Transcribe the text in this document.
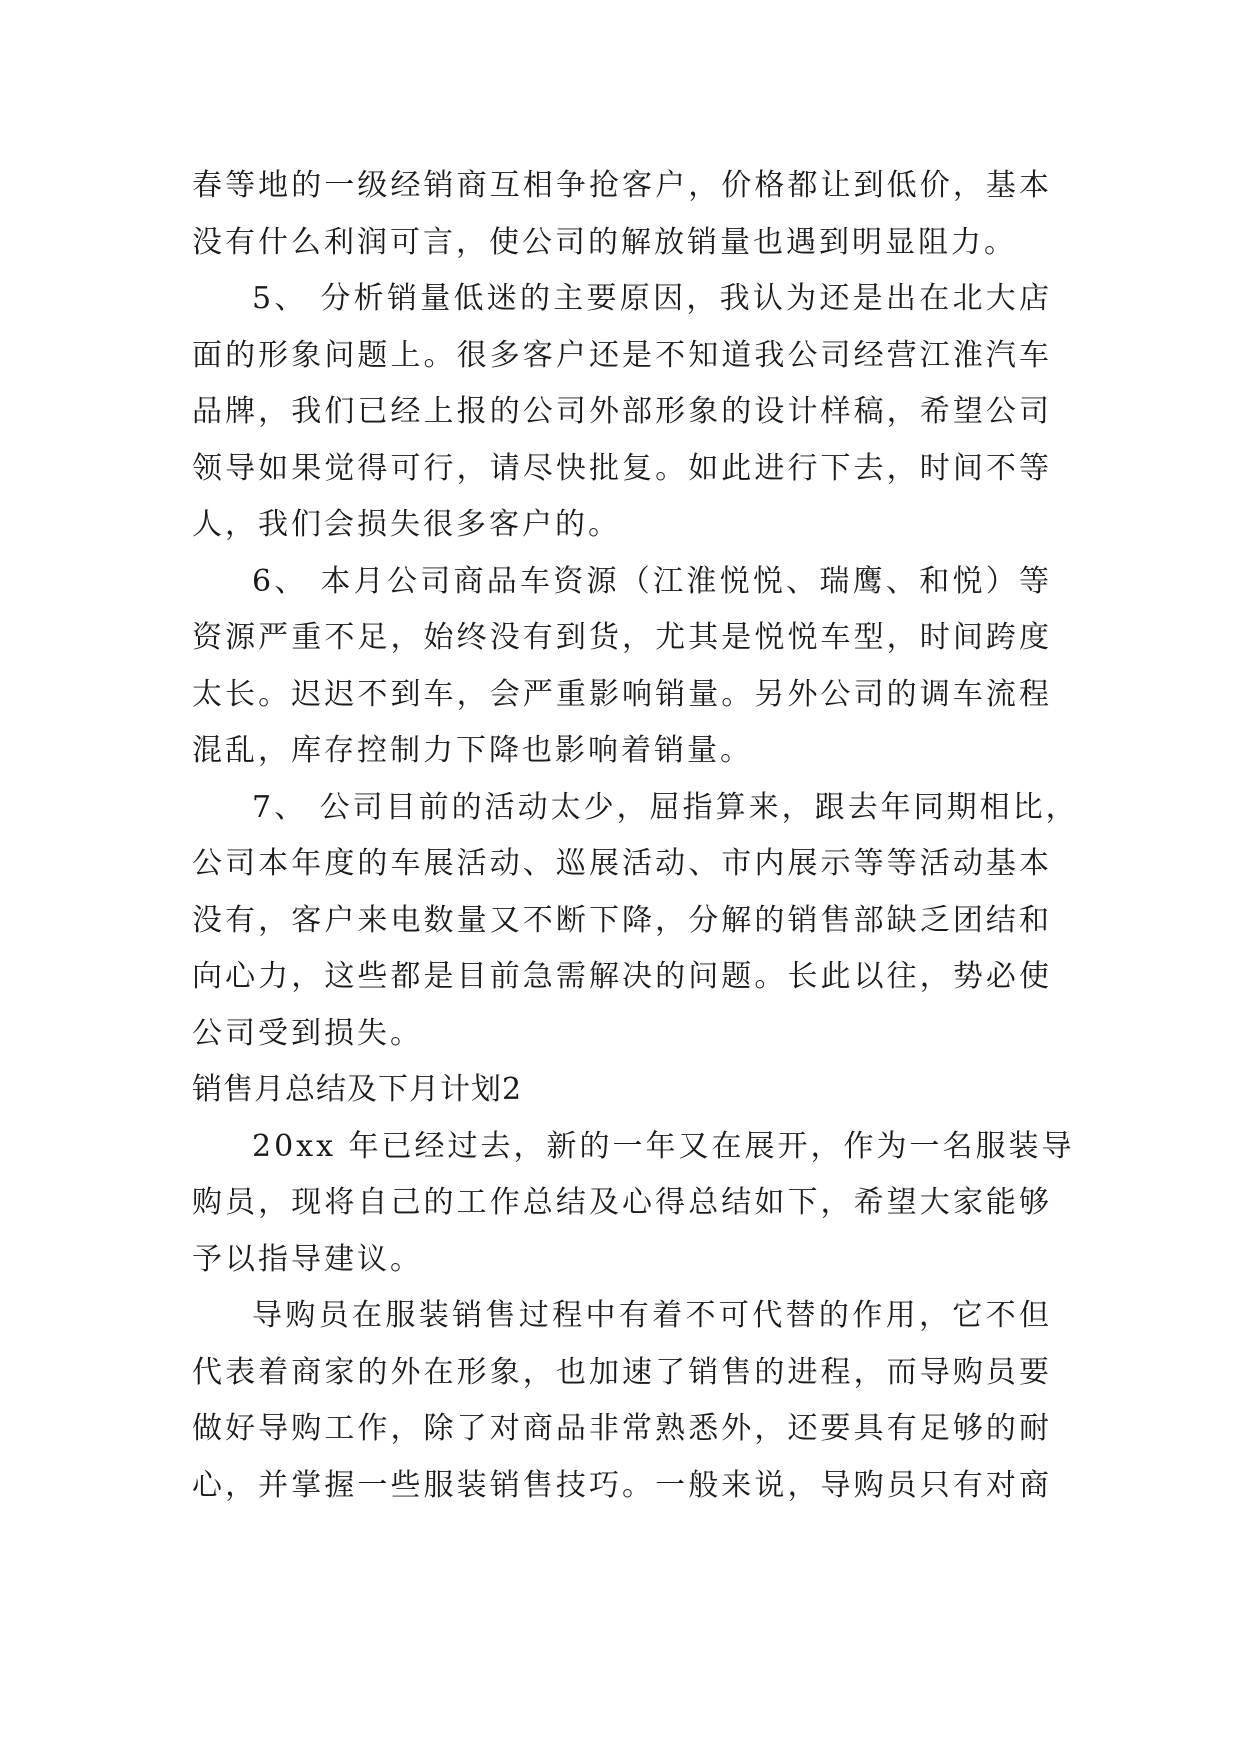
春等地的一级经销商互相争抢客户，价格都让到低价，基本
没有什么利润可言，使公司的解放销量也遇到明显阻力。
5、 分析销量低迷的主要原因，我认为还是出在北大店
面的形象问题上。很多客户还是不知道我公司经营江淮汽车
品牌，我们已经上报的公司外部形象的设计样稿，希望公司
领导如果觉得可行，请尽快批复。如此进行下去，时间不等
人，我们会损失很多客户的。
6、 本月公司商品车资源（江淮悦悦、瑞鹰、和悦）等
资源严重不足，始终没有到货，尤其是悦悦车型，时间跨度
太长。迟迟不到车，会严重影响销量。另外公司的调车流程
混乱，库存控制力下降也影响着销量。
7、 公司目前的活动太少，屈指算来，跟去年同期相比，
公司本年度的车展活动、巡展活动、市内展示等等活动基本
没有，客户来电数量又不断下降，分解的销售部缺乏团结和
向心力，这些都是目前急需解决的问题。长此以往，势必使
公司受到损失。
销售月总结及下月计划2
20xx 年已经过去，新的一年又在展开，作为一名服装导
购员，现将自己的工作总结及心得总结如下，希望大家能够
予以指导建议。
导购员在服装销售过程中有着不可代替的作用，它不但
代表着商家的外在形象，也加速了销售的进程，而导购员要
做好导购工作，除了对商品非常熟悉外，还要具有足够的耐
心，并掌握一些服装销售技巧。一般来说，导购员只有对商
